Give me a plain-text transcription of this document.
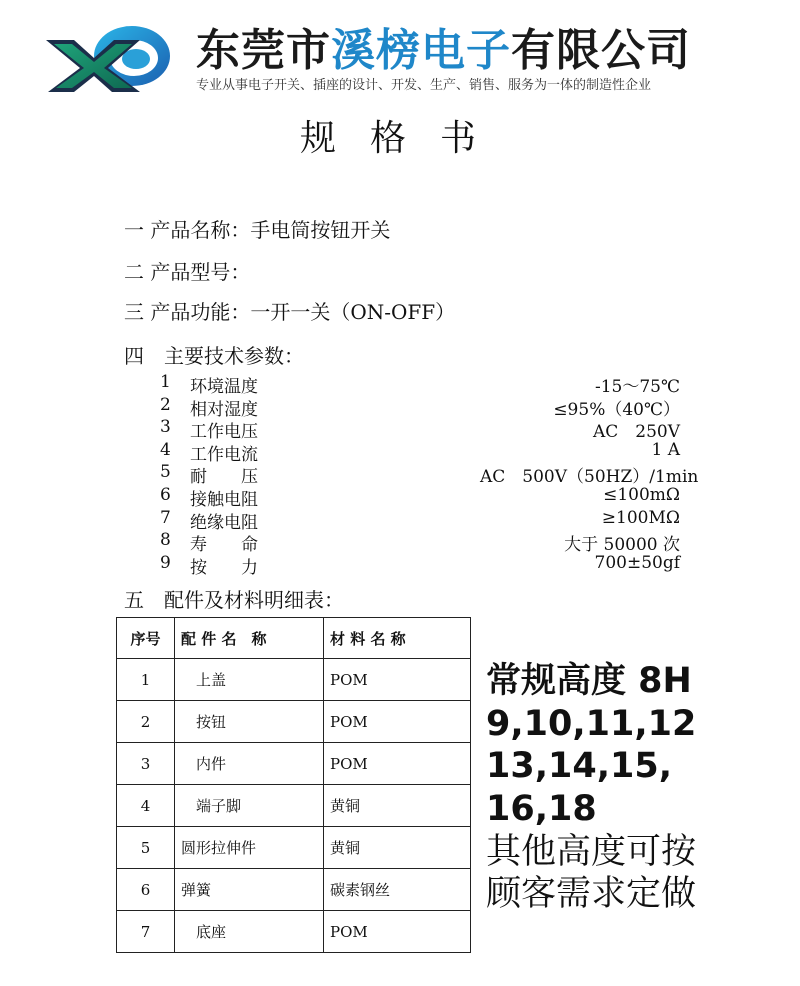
东莞市溪榜电子有限公司
专业从事电子开关、插座的设计、开发、生产、销售、服务为一体的制造性企业
规格书
一 产品名称：手电筒按钮开关
二 产品型号：
三 产品功能：一开一关（ON-OFF）
四　主要技术参数：
1	环境温度	-15～75℃
2	相对湿度	≤95%（40℃）
3	工作电压	AC　250V
4	工作电流	1 A
5	耐　　压	AC　500V（50HZ）/1min
6	接触电阻	≤100mΩ
7	绝缘电阻	≥100MΩ
8	寿　　命	大于 50000 次
9	按　　力	700±50gf
五　配件及材料明细表：
序号	配 件 名　称	材 料 名 称
1	　上盖	POM
2	　按钮	POM
3	　内件	POM
4	　端子脚	黄铜
5	圆形拉伸件	黄铜
6	弹簧	碳素钢丝
7	　底座	POM
常规高度 8H
9,10,11,12
13,14,15,
16,18
其他高度可按
顾客需求定做
